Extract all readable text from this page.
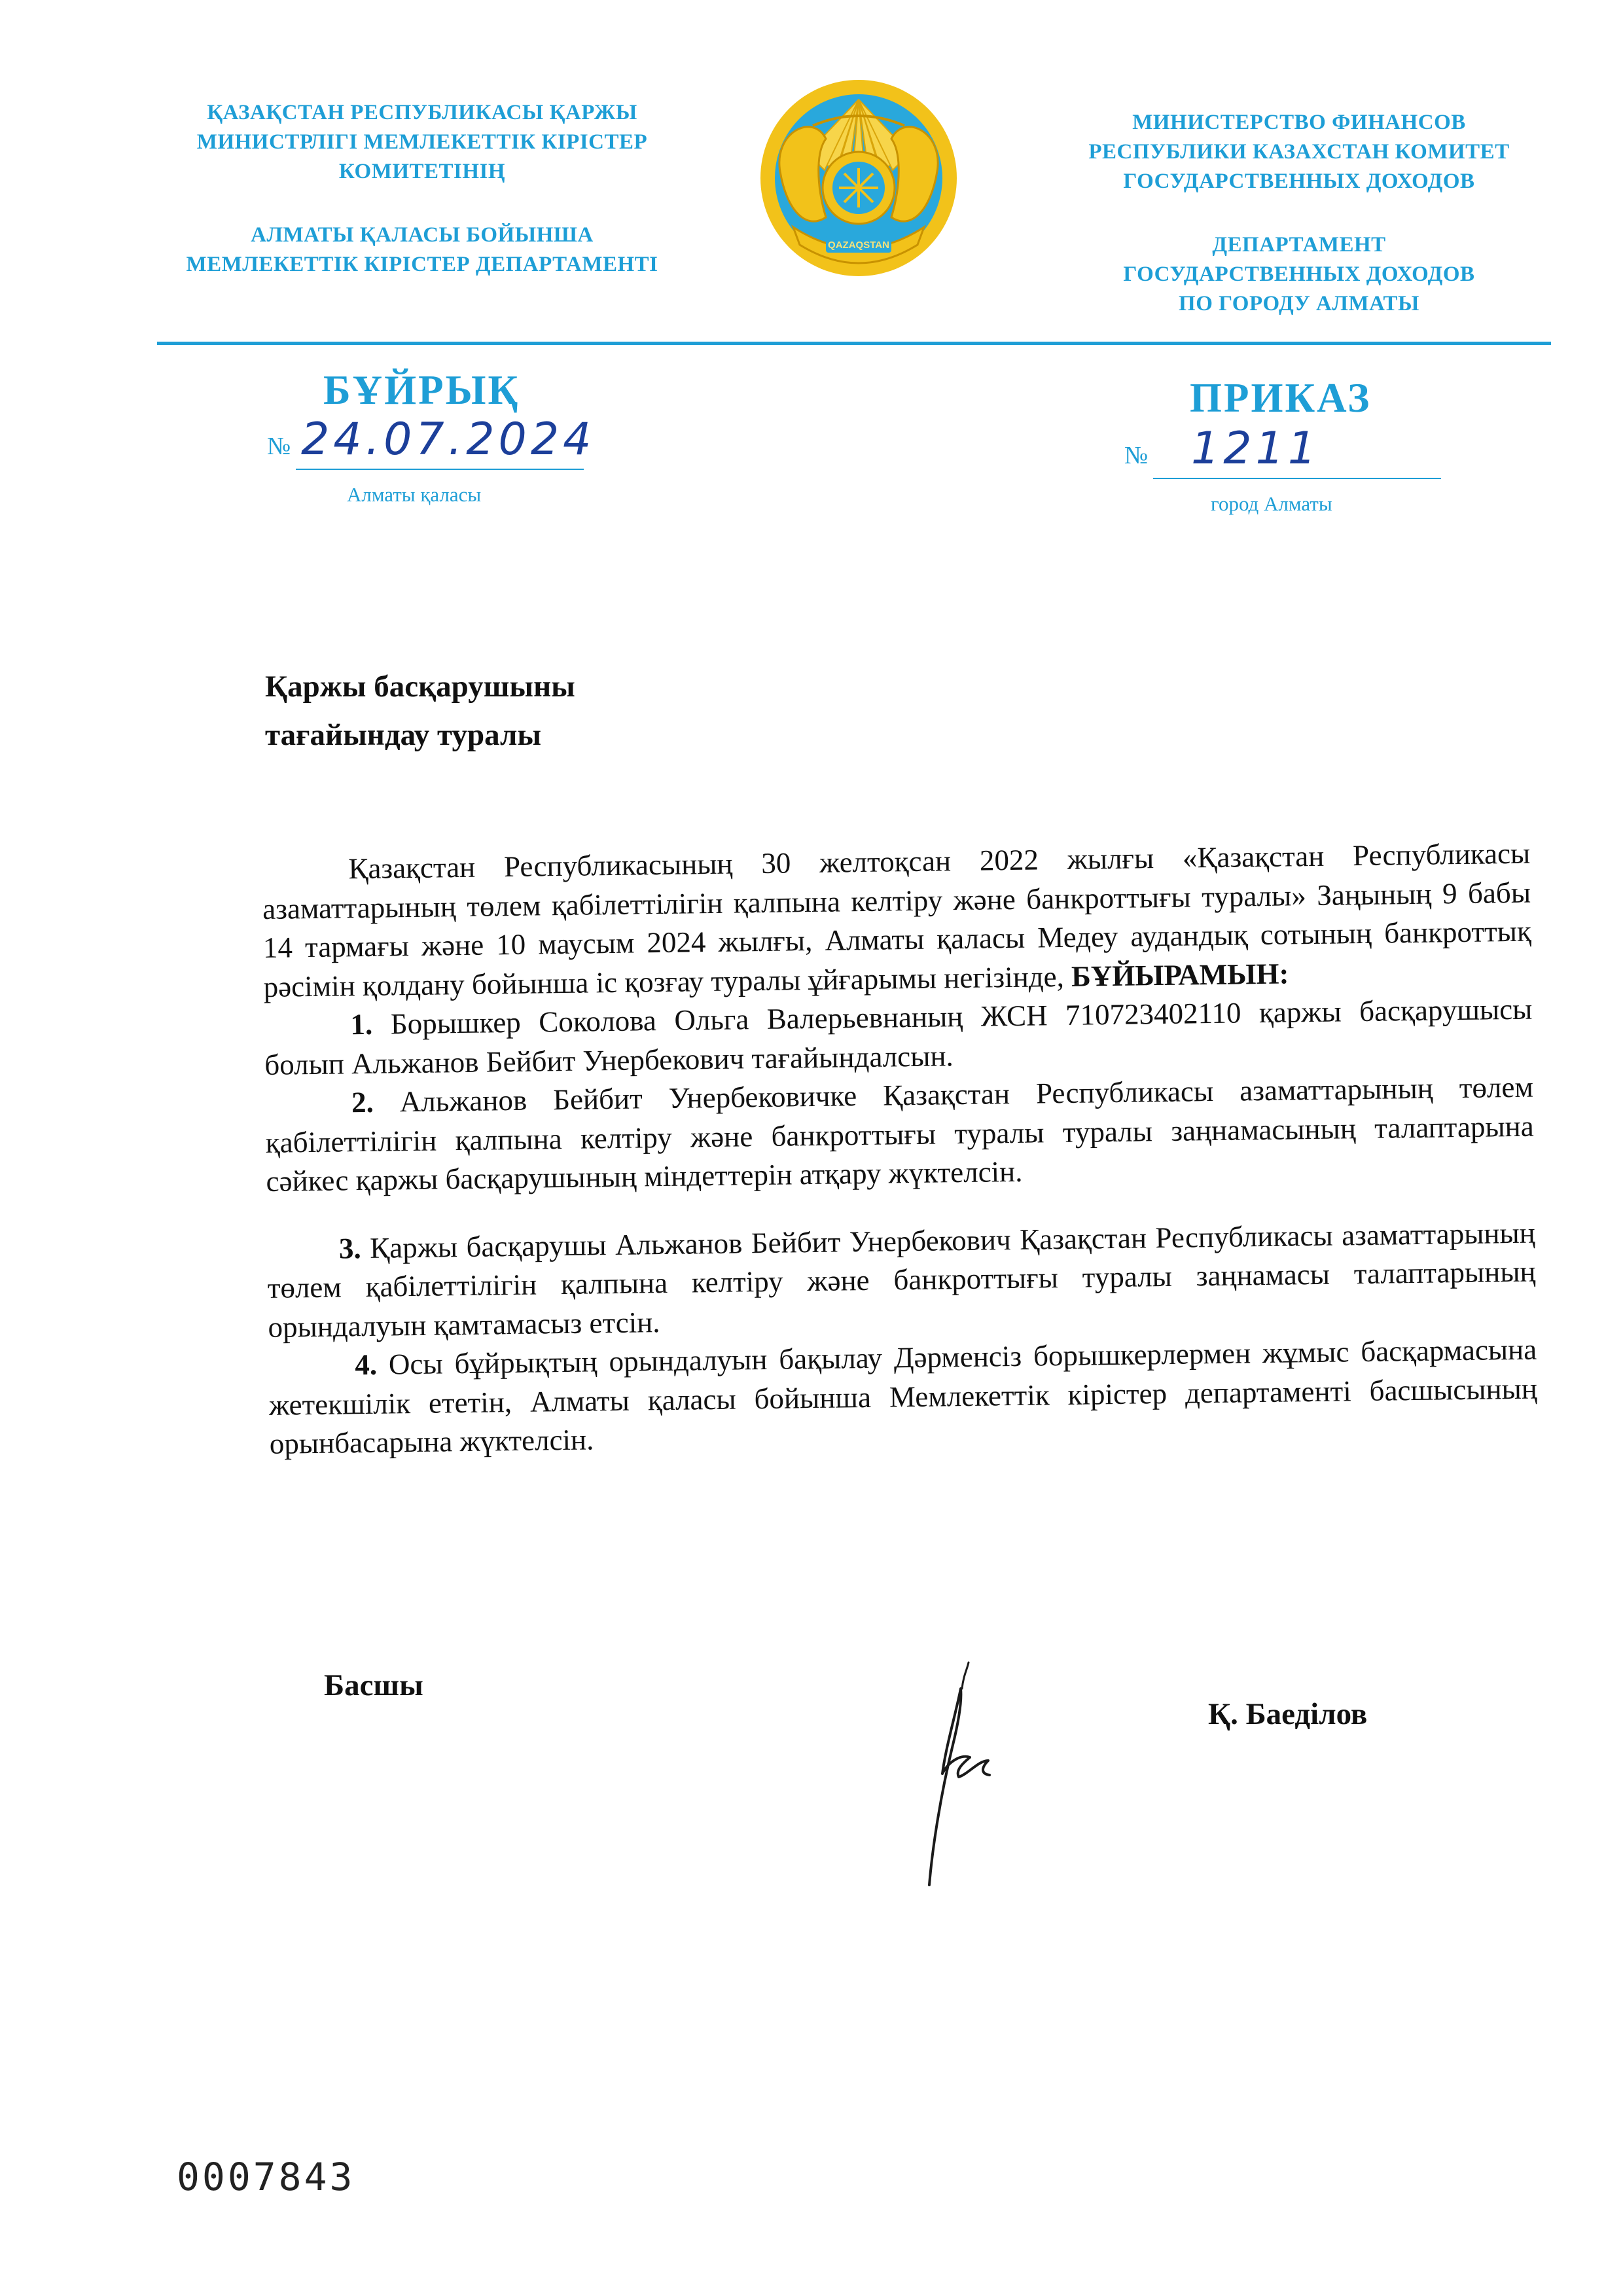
ҚАЗАҚСТАН РЕСПУБЛИКАСЫ ҚАРЖЫ
МИНИСТРЛІГІ МЕМЛЕКЕТТІК КІРІСТЕР
КОМИТЕТІНІҢ
АЛМАТЫ ҚАЛАСЫ БОЙЫНША
МЕМЛЕКЕТТІК КІРІСТЕР ДЕПАРТАМЕНТІ
QAZAQSTAN
МИНИСТЕРСТВО ФИНАНСОВ
РЕСПУБЛИКИ КАЗАХСТАН КОМИТЕТ
ГОСУДАРСТВЕННЫХ ДОХОДОВ
ДЕПАРТАМЕНТ
ГОСУДАРСТВЕННЫХ ДОХОДОВ
ПО ГОРОДУ АЛМАТЫ
БҰЙРЫҚ
№ 24.07.2024
Алматы қаласы
ПРИКАЗ
№ 1211
город Алматы
Қаржы басқарушыны
тағайындау туралы

Қазақстан Республикасының 30 желтоқсан 2022 жылғы «Қазақстан Республикасы азаматтарының төлем қабілеттілігін қалпына келтіру және банкроттығы туралы» Заңының 9 бабы 14 тармағы және 10 маусым 2024 жылғы, Алматы қаласы Медеу аудандық сотының банкроттық рәсімін қолдану бойынша іс қозғау туралы ұйғарымы негізінде, БҰЙЫРАМЫН:

1. Борышкер Соколова Ольга Валерьевнаның ЖСН 710723402110 қаржы басқарушысы болып Альжанов Бейбит Унербекович тағайындалсын.

2. Альжанов Бейбит Унербековичке Қазақстан Республикасы азаматтарының төлем қабілеттілігін қалпына келтіру және банкроттығы туралы туралы заңнамасының талаптарына сәйкес қаржы басқарушының міндеттерін атқару жүктелсін.

3. Қаржы басқарушы Альжанов Бейбит Унербекович Қазақстан Республикасы азаматтарының төлем қабілеттілігін қалпына келтіру және банкроттығы туралы заңнамасы талаптарының орындалуын қамтамасыз етсін.

4. Осы бұйрықтың орындалуын бақылау Дәрменсіз борышкерлермен жұмыс басқармасына жетекшілік ететін, Алматы қаласы бойынша Мемлекеттік кірістер департаменті басшысының орынбасарына жүктелсін.

Басшы
Қ. Баеділов
0007843
